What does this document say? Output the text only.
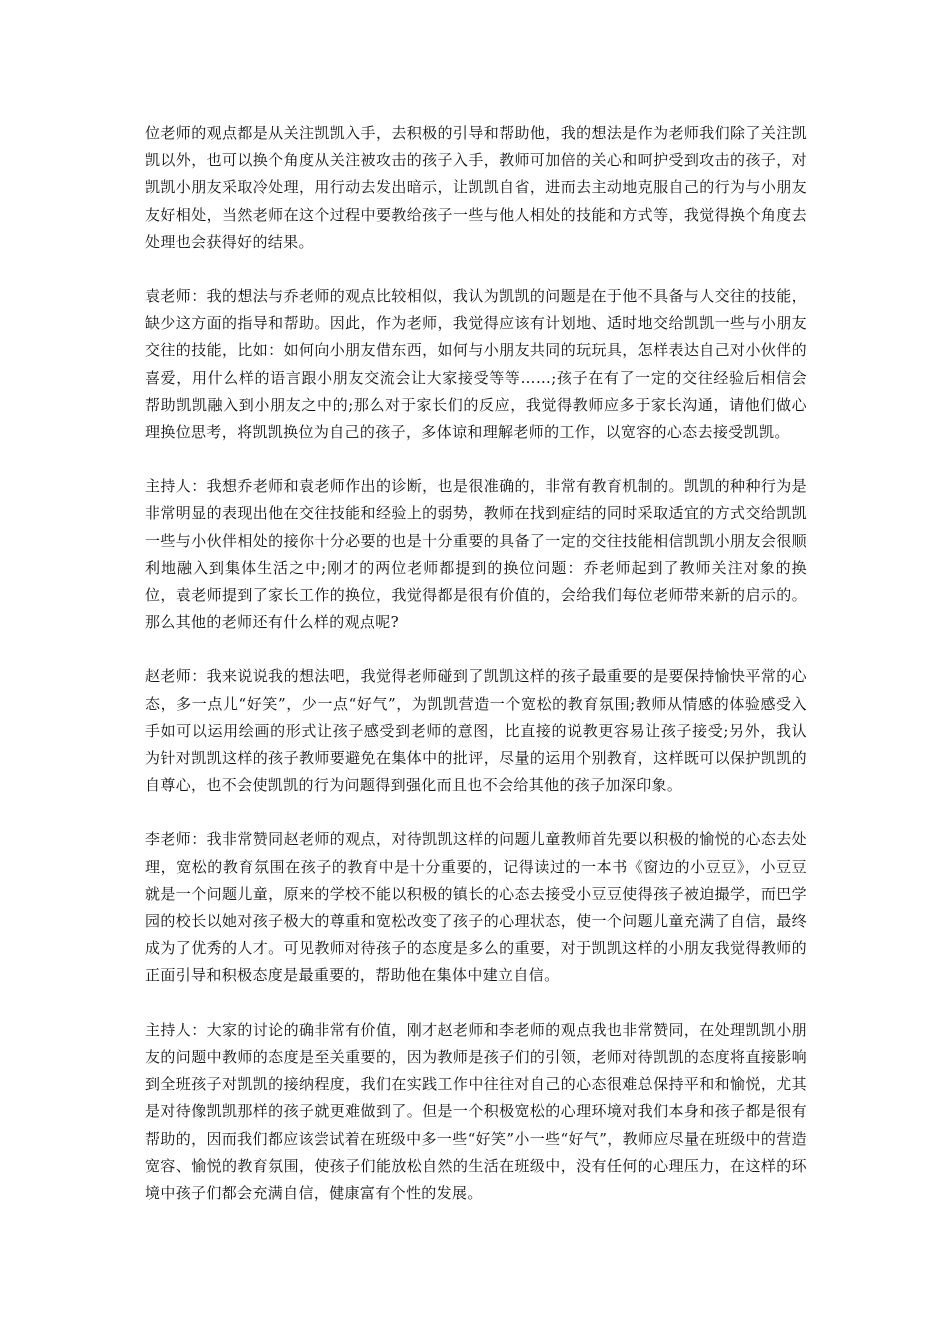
位老师的观点都是从关注凯凯入手，去积极的引导和帮助他，我的想法是作为老师我们除了关注凯凯以外，也可以换个角度从关注被攻击的孩子入手，教师可加倍的关心和呵护受到攻击的孩子，对凯凯小朋友采取冷处理，用行动去发出暗示，让凯凯自省，进而去主动地克服自己的行为与小朋友友好相处，当然老师在这个过程中要教给孩子一些与他人相处的技能和方式等，我觉得换个角度去处理也会获得好的结果。

袁老师：我的想法与乔老师的观点比较相似，我认为凯凯的问题是在于他不具备与人交往的技能，缺少这方面的指导和帮助。因此，作为老师，我觉得应该有计划地、适时地交给凯凯一些与小朋友交往的技能，比如：如何向小朋友借东西，如何与小朋友共同的玩玩具，怎样表达自己对小伙伴的喜爱，用什么样的语言跟小朋友交流会让大家接受等等……;孩子在有了一定的交往经验后相信会帮助凯凯融入到小朋友之中的;那么对于家长们的反应，我觉得教师应多于家长沟通，请他们做心理换位思考，将凯凯换位为自己的孩子，多体谅和理解老师的工作，以宽容的心态去接受凯凯。

主持人：我想乔老师和袁老师作出的诊断，也是很准确的，非常有教育机制的。凯凯的种种行为是非常明显的表现出他在交往技能和经验上的弱势，教师在找到症结的同时采取适宜的方式交给凯凯一些与小伙伴相处的接你十分必要的也是十分重要的具备了一定的交往技能相信凯凯小朋友会很顺利地融入到集体生活之中;刚才的两位老师都提到的换位问题：乔老师起到了教师关注对象的换位，袁老师提到了家长工作的换位，我觉得都是很有价值的，会给我们每位老师带来新的启示的。那么其他的老师还有什么样的观点呢?

赵老师：我来说说我的想法吧，我觉得老师碰到了凯凯这样的孩子最重要的是要保持愉快平常的心态，多一点儿“好笑”，少一点“好气”，为凯凯营造一个宽松的教育氛围;教师从情感的体验感受入手如可以运用绘画的形式让孩子感受到老师的意图，比直接的说教更容易让孩子接受;另外，我认为针对凯凯这样的孩子教师要避免在集体中的批评，尽量的运用个别教育，这样既可以保护凯凯的自尊心，也不会使凯凯的行为问题得到强化而且也不会给其他的孩子加深印象。

李老师：我非常赞同赵老师的观点，对待凯凯这样的问题儿童教师首先要以积极的愉悦的心态去处理，宽松的教育氛围在孩子的教育中是十分重要的，记得读过的一本书《窗边的小豆豆》，小豆豆就是一个问题儿童，原来的学校不能以积极的镇长的心态去接受小豆豆使得孩子被迫撮学，而巴学园的校长以她对孩子极大的尊重和宽松改变了孩子的心理状态，使一个问题儿童充满了自信，最终成为了优秀的人才。可见教师对待孩子的态度是多么的重要，对于凯凯这样的小朋友我觉得教师的正面引导和积极态度是最重要的，帮助他在集体中建立自信。

主持人：大家的讨论的确非常有价值，刚才赵老师和李老师的观点我也非常赞同，在处理凯凯小朋友的问题中教师的态度是至关重要的，因为教师是孩子们的引领，老师对待凯凯的态度将直接影响到全班孩子对凯凯的接纳程度，我们在实践工作中往往对自己的心态很难总保持平和和愉悦，尤其是对待像凯凯那样的孩子就更难做到了。但是一个积极宽松的心理环境对我们本身和孩子都是很有帮助的，因而我们都应该尝试着在班级中多一些“好笑”小一些“好气”，教师应尽量在班级中的营造宽容、愉悦的教育氛围，使孩子们能放松自然的生活在班级中，没有任何的心理压力，在这样的环境中孩子们都会充满自信，健康富有个性的发展。
